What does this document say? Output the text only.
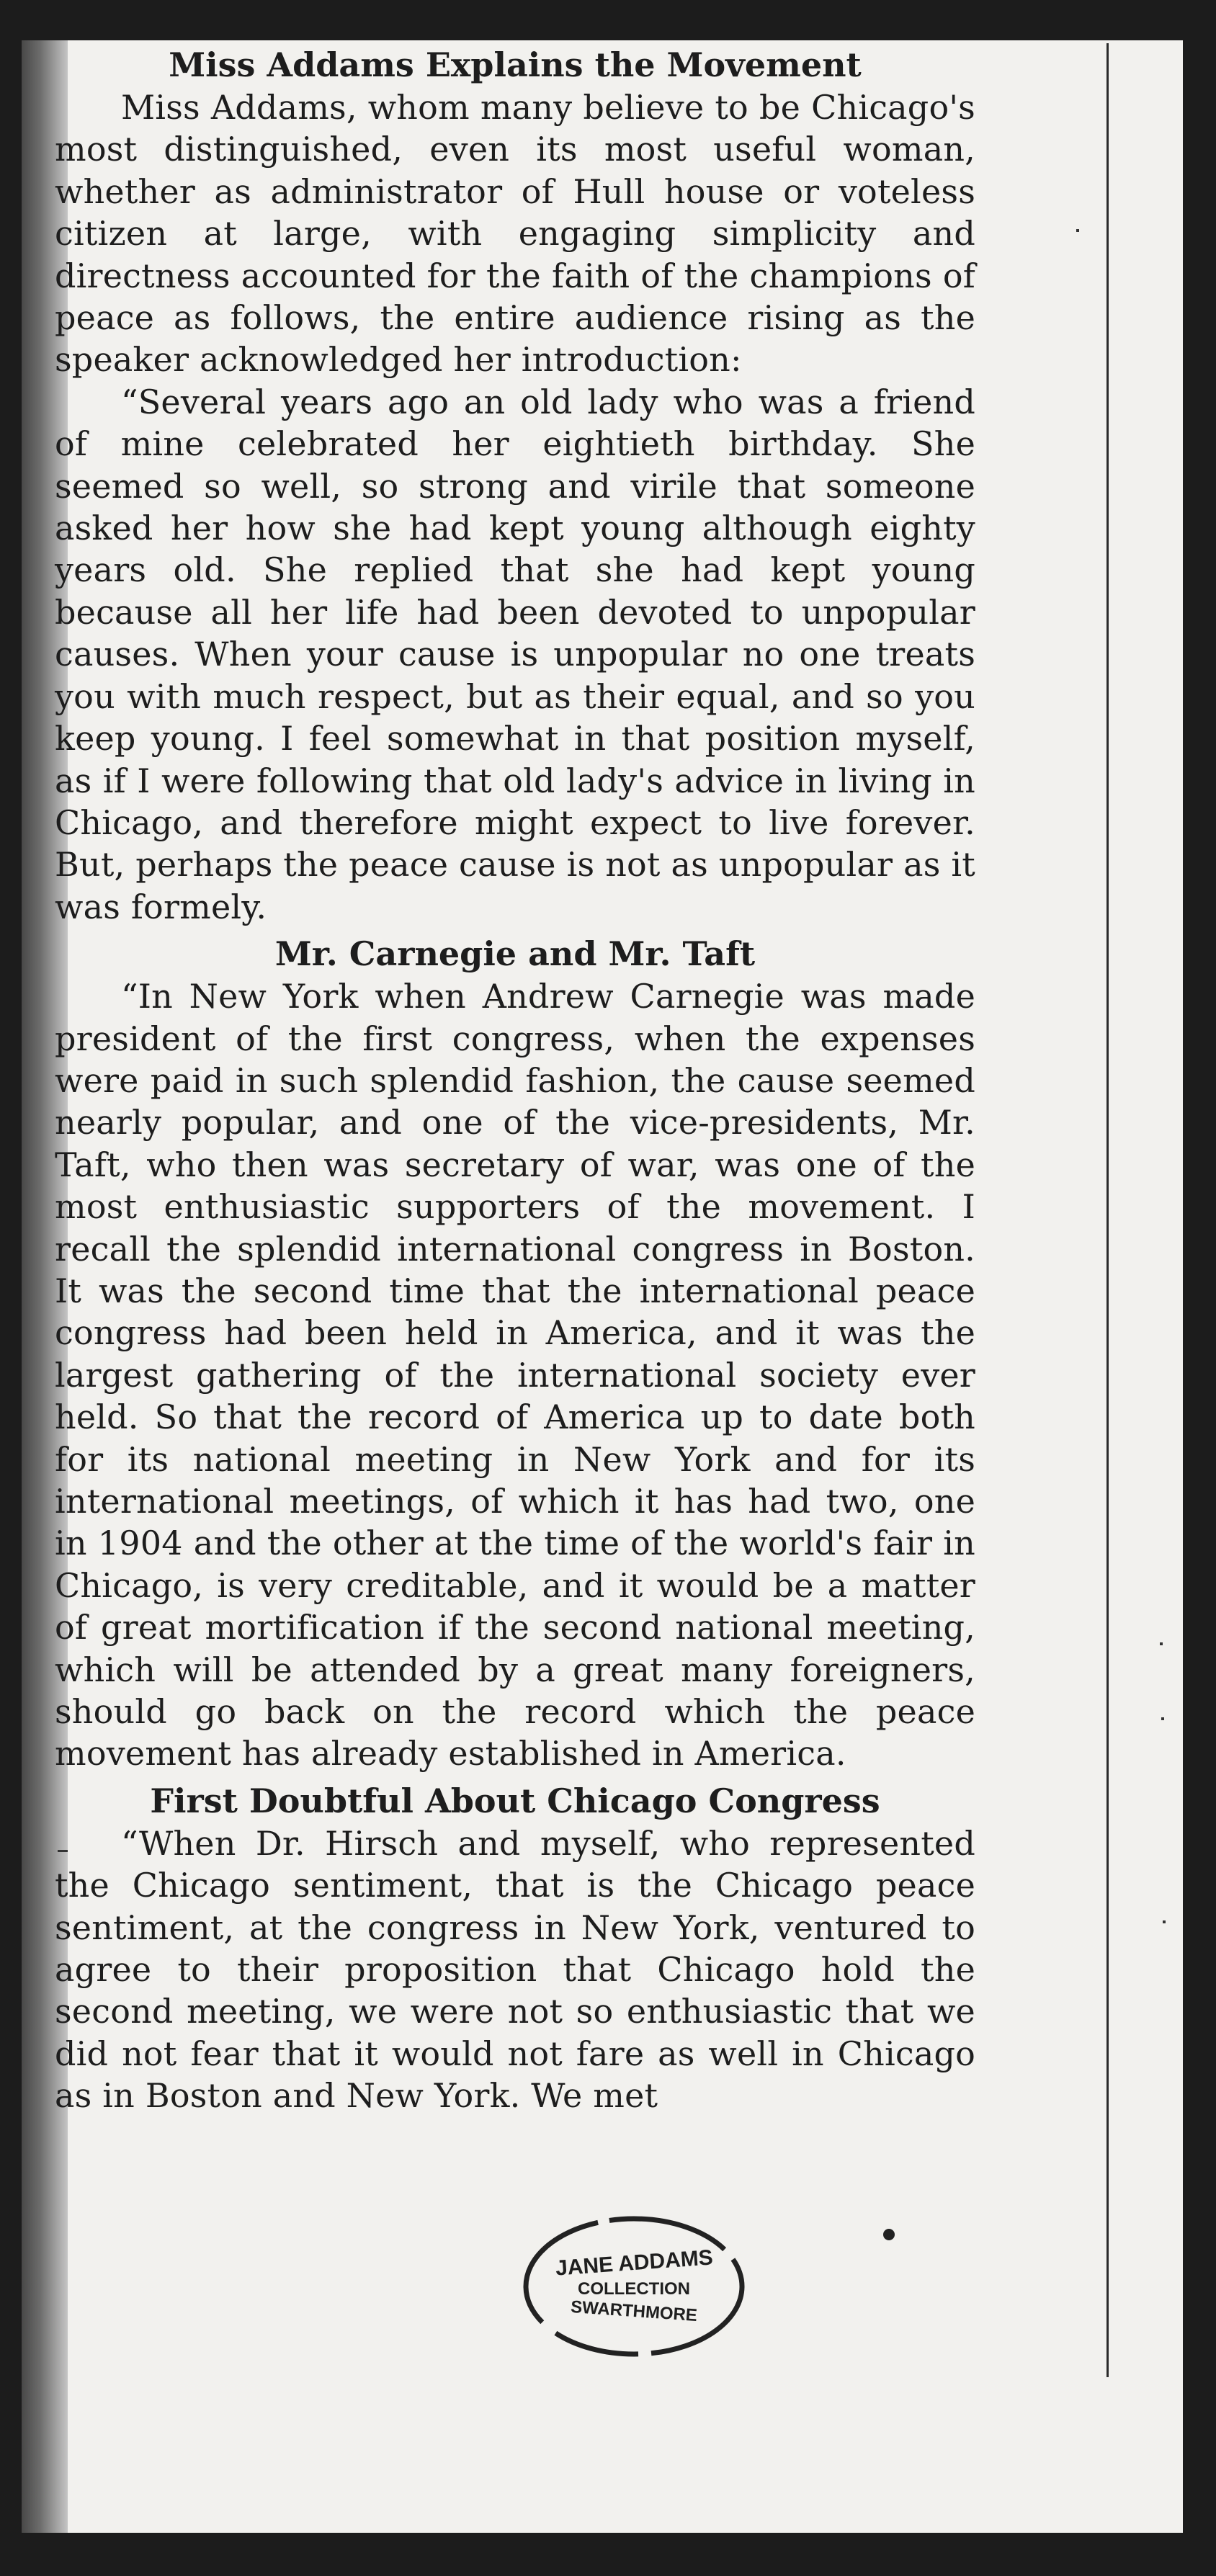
Miss Addams Explains the Movement

Miss Addams, whom many believe to be Chicago's most distinguished, even its most useful woman, whether as administrator of Hull house or voteless citizen at large, with engaging simplicity and directness accounted for the faith of the champions of peace as follows, the entire audience rising as the speaker acknowledged her introduction:

“Several years ago an old lady who was a friend of mine celebrated her eightieth birthday. She seemed so well, so strong and virile that someone asked her how she had kept young although eighty years old. She replied that she had kept young because all her life had been devoted to unpopular causes. When your cause is unpopular no one treats you with much respect, but as their equal, and so you keep young. I feel somewhat in that position myself, as if I were following that old lady's advice in living in Chicago, and therefore might expect to live forever. But, perhaps the peace cause is not as unpopular as it was formely.

Mr. Carnegie and Mr. Taft

“In New York when Andrew Carnegie was made president of the first congress, when the expenses were paid in such splendid fashion, the cause seemed nearly popular, and one of the vice-presidents, Mr. Taft, who then was secretary of war, was one of the most enthusiastic supporters of the movement. I recall the splendid international congress in Boston. It was the second time that the international peace congress had been held in America, and it was the largest gathering of the international society ever held. So that the record of America up to date both for its national meeting in New York and for its international meetings, of which it has had two, one in 1904 and the other at the time of the world's fair in Chicago, is very creditable, and it would be a matter of great mortification if the second national meeting, which will be attended by a great many foreigners, should go back on the record which the peace movement has already established in America.

First Doubtful About Chicago Congress

“When Dr. Hirsch and myself, who represented the Chicago sentiment, that is the Chicago peace sentiment, at the congress in New York, ventured to agree to their proposition that Chicago hold the second meeting, we were not so enthusiastic that we did not fear that it would not fare as well in Chicago as in Boston and New York. We met

JANE ADDAMS
COLLECTION
SWARTHMORE
